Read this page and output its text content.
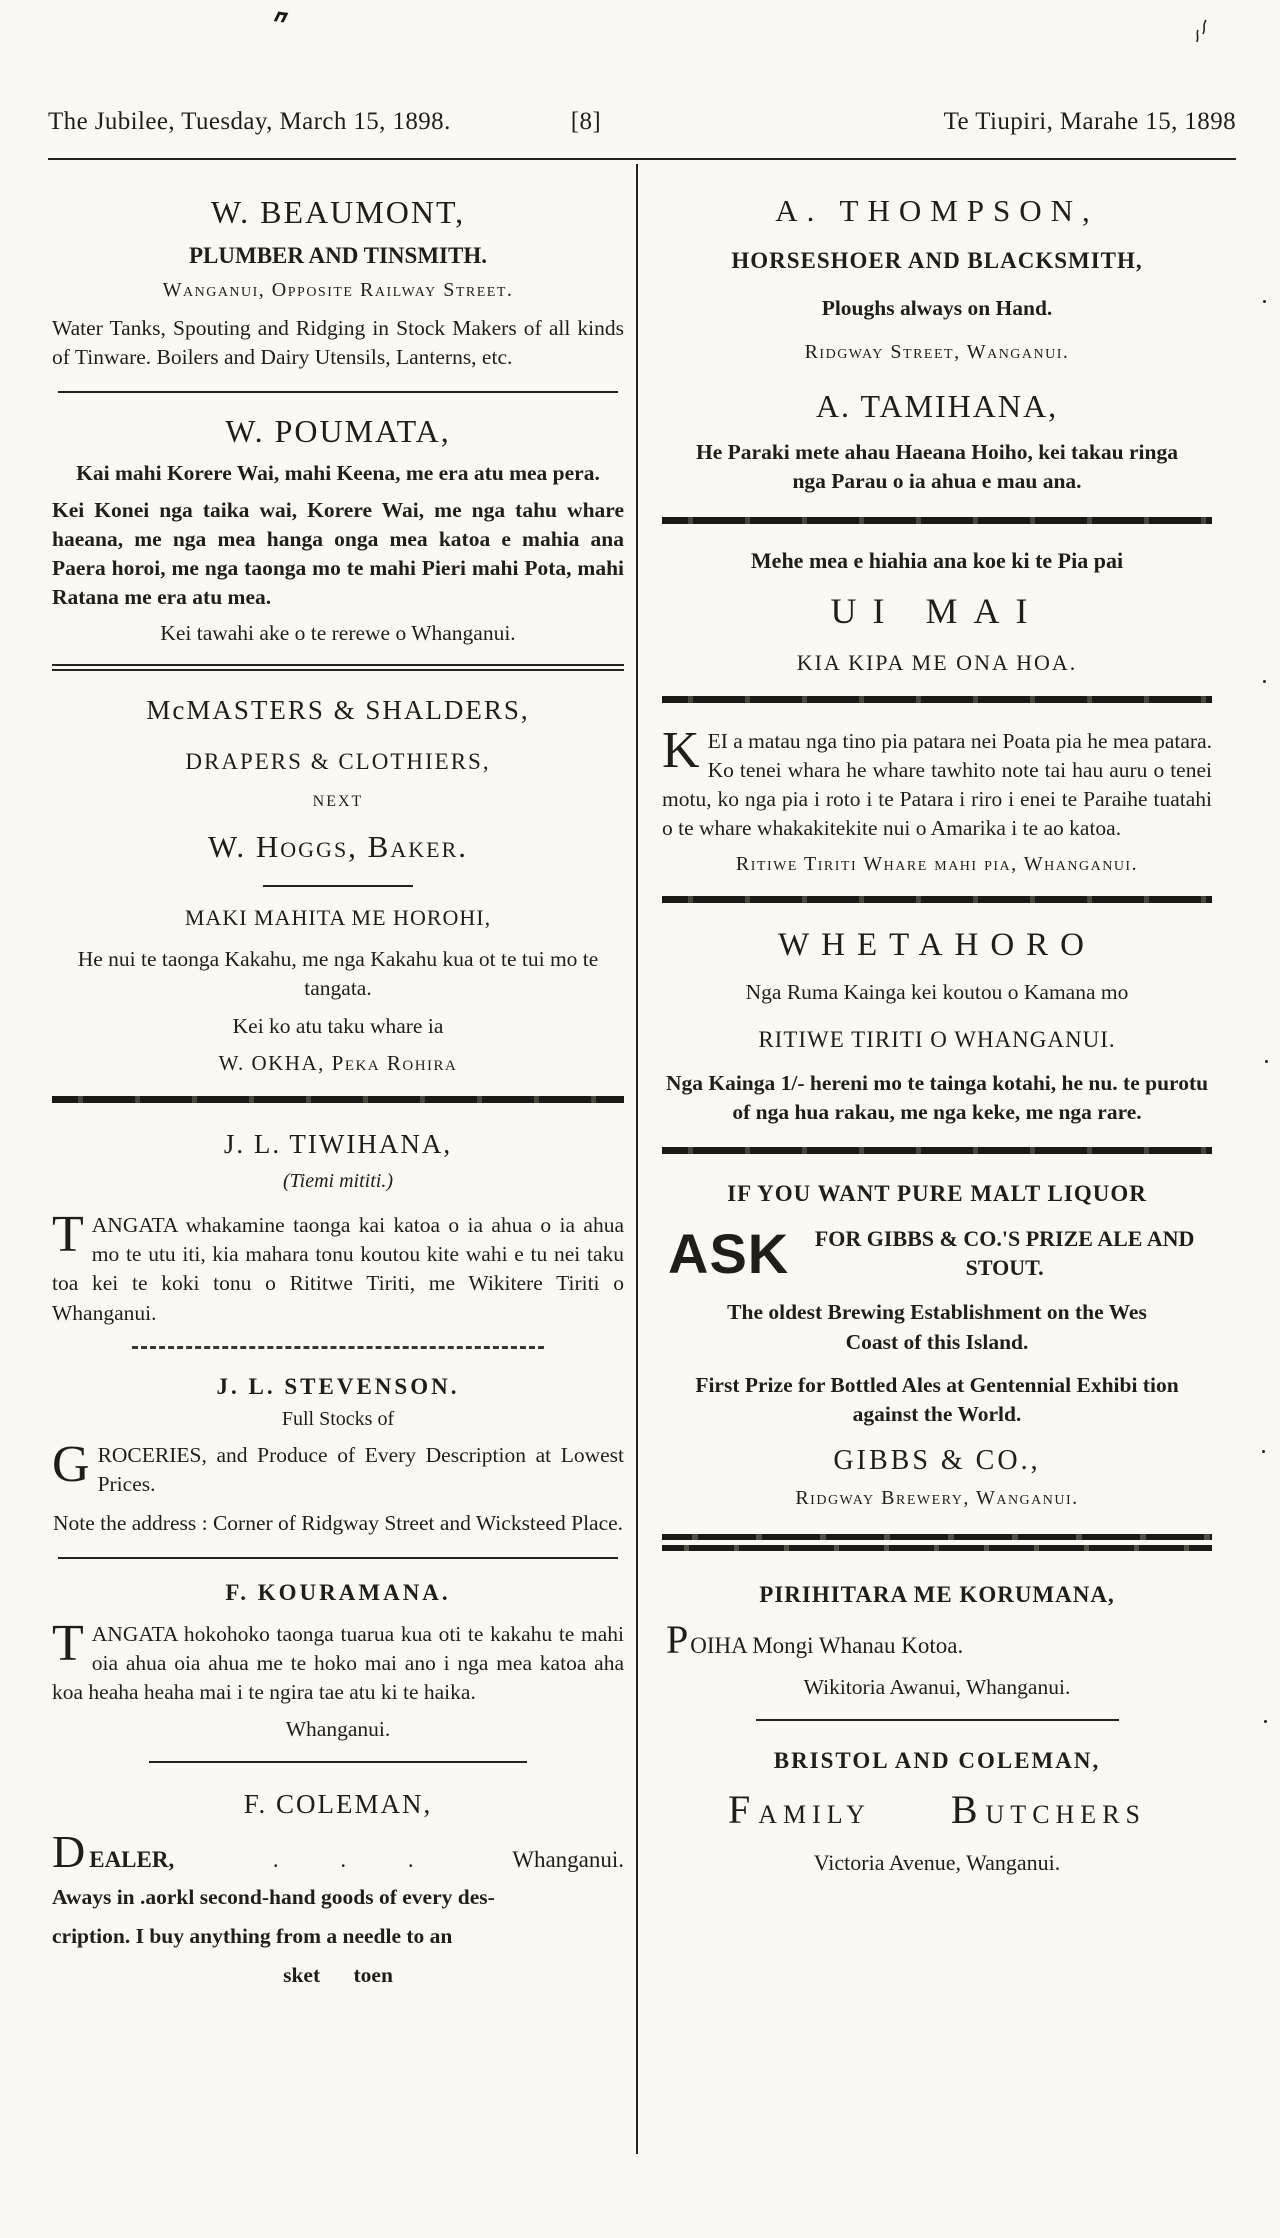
The Jubilee, Tuesday, March 15, 1898.	[8]	Te Tiupiri, Marahe 15, 1898
W. BEAUMONT,
PLUMBER AND TINSMITH.
Wanganui, Opposite Railway Street.

Water Tanks, Spouting and Ridging in Stock Makers of all kinds of Tinware. Boilers and Dairy Utensils, Lanterns, etc.

W. POUMATA,

Kai mahi Korere Wai, mahi Keena, me era atu mea pera.

Kei Konei nga taika wai, Korere Wai, me nga tahu whare haeana, me nga mea hanga onga mea katoa e mahia ana Paera horoi, me nga taonga mo te mahi Pieri mahi Pota, mahi Ratana me era atu mea.

Kei tawahi ake o te rerewe o Whanganui.

McMASTERS & SHALDERS,
DRAPERS & CLOTHIERS,
NEXT
W. Hoggs, Baker.
MAKI MAHITA ME HOROHI,

He nui te taonga Kakahu, me nga Kakahu kua ot te tui mo te tangata.

Kei ko atu taku whare ia
W. OKHA, Peka Rohira
J. L. TIWIHANA,
(Tiemi mititi.)

TANGATA whakamine taonga kai katoa o ia ahua o ia ahua mo te utu iti, kia mahara tonu koutou kite wahi e tu nei taku toa kei te koki tonu o Rititwe Tiriti, me Wikitere Tiriti o Whanganui.

J. L. STEVENSON.
Full Stocks of

GROCERIES, and Produce of Every Description at Lowest Prices.

Note the address : Corner of Ridgway Street and Wicksteed Place.

F. KOURAMANA.

TANGATA hokohoko taonga tuarua kua oti te kakahu te mahi oia ahua oia ahua me te hoko mai ano i nga mea katoa aha koa heaha heaha mai i te ngira tae atu ki te haika.

Whanganui.

F. COLEMAN,
D EALER,	. . .	Whanganui.
Aways in .aorkl second-hand goods of every des-
cription. I buy anything from a needle to an
sket toen
A. THOMPSON,
HORSESHOER AND BLACKSMITH,
Ploughs always on Hand.
Ridgway Street, Wanganui.
A. TAMIHANA,

He Paraki mete ahau Haeana Hoiho, kei takau ringa nga Parau o ia ahua e mau ana.

Mehe mea e hiahia ana koe ki te Pia pai
UI MAI
KIA KIPA ME ONA HOA.

KEI a matau nga tino pia patara nei Poata pia he mea patara. Ko tenei whara he whare tawhito note tai hau auru o tenei motu, ko nga pia i roto i te Patara i riro i enei te Paraihe tuatahi o te whare whakakitekite nui o Amarika i te ao katoa.

Ritiwe Tiriti Whare mahi pia, Whanganui.
WHETAHORO
Nga Ruma Kainga kei koutou o Kamana mo
RITIWE TIRITI O WHANGANUI.

Nga Kainga 1/- hereni mo te tainga kotahi, he nu. te purotu of nga hua rakau, me nga keke, me nga rare.

IF YOU WANT PURE MALT LIQUOR
ASK	FOR GIBBS & CO.'S PRIZE ALE AND STOUT.

The oldest Brewing Establishment on the Wes Coast of this Island.

First Prize for Bottled Ales at Gentennial Exhibi tion against the World.

GIBBS & CO.,
Ridgway Brewery, Wanganui.
PIRIHITARA ME KORUMANA,
P OIHA Mongi Whanau Kotoa.
Wikitoria Awanui, Whanganui.
BRISTOL AND COLEMAN,
F AMILY B UTCHERS
Victoria Avenue, Wanganui.
